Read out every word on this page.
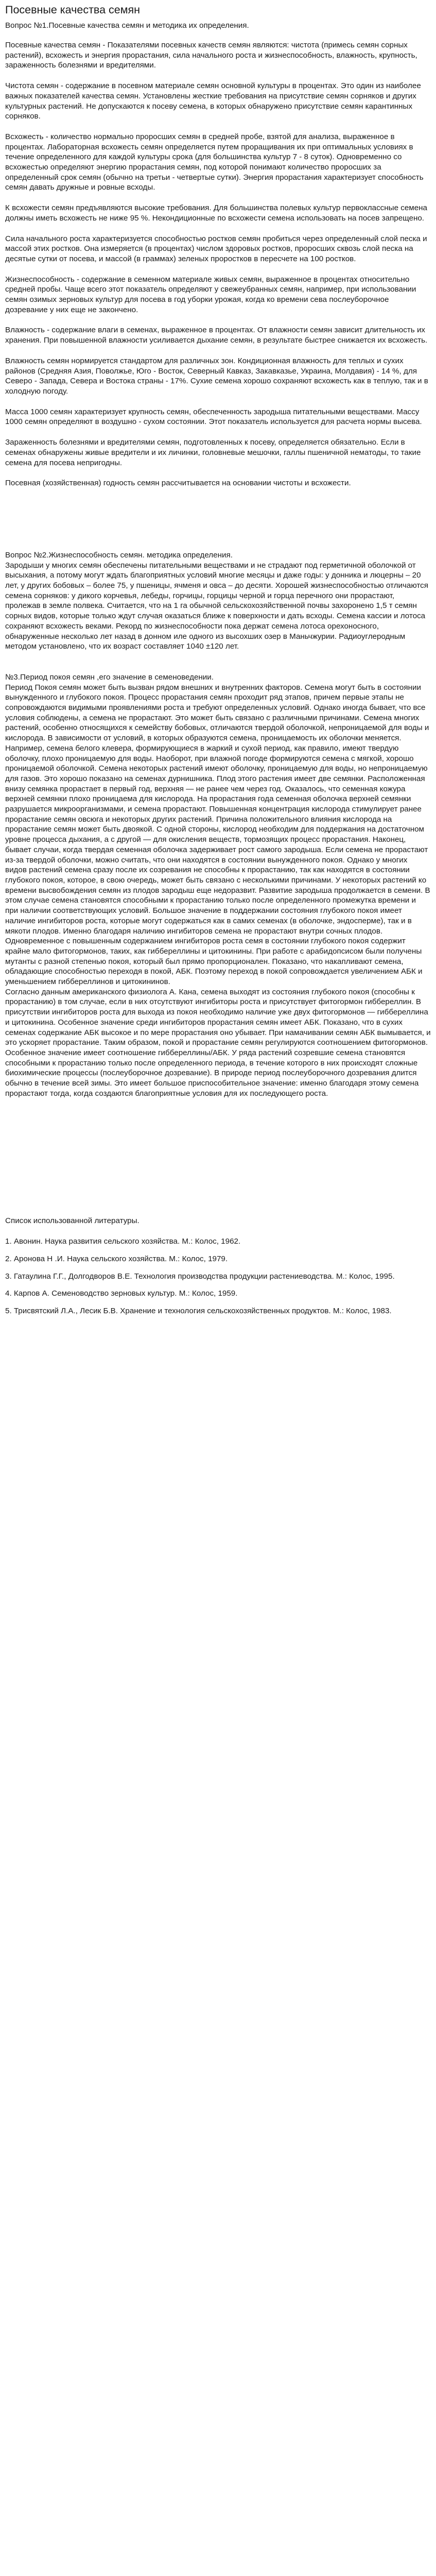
Посевные качества семян

Вопрос №1.Посевные качества семян и методика их определения.

Посевные качества семян - Показателями посевных качеств семян являются: чистота (примесь семян сорных растений), всхожесть и энергия прорастания, сила начального роста и жизнеспособность, влажность, крупность, зараженность болезнями и вредителями.

Чистота семян - содержание в посевном материале семян основной культуры в процентах. Это один из наиболее важных показателей качества семян. Установлены жесткие требования на присутствие семян сорняков и других культурных растений. Не допускаются к посеву семена, в которых обнаружено присутствие семян карантинных сорняков.

Всхожесть - количество нормально проросших семян в средней пробе, взятой для анализа, выраженное в процентах. Лабораторная всхожесть семян определяется путем проращивания их при оптимальных условиях в течение определенного для каждой культуры срока (для большинства культур 7 - 8 суток). Одновременно со всхожестью определяют энергию прорастания семян, под которой понимают количество проросших за определенный срок семян (обычно на третьи - четвертые сутки). Энергия прорастания характеризует способность семян давать дружные и ровные всходы.

К всхожести семян предъявляются высокие требования. Для большинства полевых культур первоклассные семена должны иметь всхожесть не ниже 95 %. Некондиционные по всхожести семена использовать на посев запрещено.

Сила начального роста характеризуется способностью ростков семян пробиться через определенный слой песка и массой этих ростков. Она измеряется (в процентах) числом здоровых ростков, проросших сквозь слой песка на десятые сутки от посева, и массой (в граммах) зеленых проростков в пересчете на 100 ростков.

Жизнеспособность - содержание в семенном материале живых семян, выраженное в процентах относительно средней пробы. Чаще всего этот показатель определяют у свежеубранных семян, например, при использовании семян озимых зерновых культур для посева в год уборки урожая, когда ко времени сева послеуборочное дозревание у них еще не закончено.

Влажность - содержание влаги в семенах, выраженное в процентах. От влажности семян зависит длительность их хранения. При повышенной влажности усиливается дыхание семян, в результате быстрее снижается их всхожесть.

Влажность семян нормируется стандартом для различных зон. Кондиционная влажность для теплых и сухих районов (Средняя Азия, Поволжье, Юго - Восток, Северный Кавказ, Закавказье, Украина, Молдавия) - 14 %, для Северо - Запада, Севера и Востока страны - 17%. Сухие семена хорошо сохраняют всхожесть как в теплую, так и в холодную погоду.

Масса 1000 семян характеризует крупность семян, обеспеченность зародыша питательными веществами. Массу 1000 семян определяют в воздушно - сухом состоянии. Этот показатель используется для расчета нормы высева.

Зараженность болезнями и вредителями семян, подготовленных к посеву, определяется обязательно. Если в семенах обнаружены живые вредители и их личинки, головневые мешочки, галлы пшеничной нематоды, то такие семена для посева непригодны.

Посевная (хозяйственная) годность семян рассчитывается на основании чистоты и всхожести.

Вопрос №2.Жизнеспособность семян. методика определения.

Зародыши у многих семян обеспечены питательными веществами и не страдают под герметичной оболочкой от высыхания, а потому могут ждать благоприятных условий многие месяцы и даже годы: у донника и люцерны – 20 лет, у других бобовых – более 75, у пшеницы, ячменя и овса – до десяти. Хорошей жизнеспособностью отличаются семена сорняков: у дикого корчевья, лебеды, горчицы, горцицы черной и горца перечного они прорастают, пролежав в земле полвека. Считается, что на 1 га обычной сельскохозяйственной почвы захоронено 1,5 т семян сорных видов, которые только ждут случая оказаться ближе к поверхности и дать всходы. Семена кассии и лотоса сохраняют всхожесть веками. Рекорд по жизнеспособности пока держат семена лотоса орехоносного, обнаруженные несколько лет назад в донном иле одного из высохших озер в Маньчжурии. Радиоуглеродным методом установлено, что их возраст составляет 1040 ±120 лет.

№3.Период покоя семян ,его значение в семеноведении.

Период Покоя семян может быть вызван рядом внешних и внутренних факторов. Семена могут быть в состоянии вынужденного и глубокого покоя. Процесс прорастания семян проходит ряд этапов, причем первые этапы не сопровождаются видимыми проявлениями роста и требуют определенных условий. Однако иногда бывает, что все условия соблюдены, а семена не прорастают. Это может быть связано с различными причинами. Семена многих растений, особенно относящихся к семейству бобовых, отличаются твердой оболочкой, непроницаемой для воды и кислорода. В зависимости от условий, в которых образуются семена, проницаемость их оболочки меняется. Например, семена белого клевера, формирующиеся в жаркий и сухой период, как правило, имеют твердую оболочку, плохо проницаемую для воды. Наоборот, при влажной погоде формируются семена с мягкой, хорошо проницаемой оболочкой. Семена некоторых растений имеют оболочку, проницаемую для воды, но непроницаемую для газов. Это хорошо показано на семенах дурнишника. Плод этого растения имеет две семянки. Расположенная внизу семянка прорастает в первый год, верхняя — не ранее чем через год. Оказалось, что семенная кожура верхней семянки плохо проницаема для кислорода. На прорастания года семенная оболочка верхней семянки разрушается микроорганизмами, и семена прорастают. Повышенная концентрация кислорода стимулирует ранее прорастание семян овсюга и некоторых других растений. Причина положительного влияния кислорода на прорастание семян может быть двоякой. С одной стороны, кислород необходим для поддержания на достаточном уровне процесса дыхания, а с другой — для окисления веществ, тормозящих процесс прорастания. Наконец, бывает случаи, когда твердая семенная оболочка задерживает рост самого зародыша. Если семена не прорастают из-за твердой оболочки, можно считать, что они находятся в состоянии вынужденного покоя. Однако у многих видов растений семена сразу после их созревания не способны к прорастанию, так как находятся в состоянии глубокого покоя, которое, в свою очередь, может быть связано с несколькими причинами. У некоторых растений ко времени высвобождения семян из плодов зародыш еще недоразвит. Развитие зародыша продолжается в семени. В этом случае семена становятся способными к прорастанию только после определенного промежутка времени и при наличии соответствующих условий. Большое значение в поддержании состояния глубокого покоя имеет наличие ингибиторов роста, которые могут содержаться как в самих семенах (в оболочке, эндосперме), так и в мякоти плодов. Именно благодаря наличию ингибиторов семена не прорастают внутри сочных плодов. Одновременное с повышенным содержанием ингибиторов роста семя в состоянии глубокого покоя содержит крайне мало фитогормонов, таких, как гиббереллины и цитокинины. При работе с арабидопсисом были получены мутанты с разной степенью покоя, который был прямо пропорционален. Показано, что накапливают семена, обладающие способностью переходя в покой, АБК. Поэтому переход в покой сопровождается увеличением АБК и уменьшением гиббереллинов и цитокининов.

Согласно данным американского физиолога А. Кана, семена выходят из состояния глубокого покоя (способны к прорастанию) в том случае, если в них отсутствуют ингибиторы роста и присутствует фитогормон гиббереллин. В присутствии ингибиторов роста для выхода из покоя необходимо наличие уже двух фитогормонов — гиббереллина и цитокинина. Особенное значение среди ингибиторов прорастания семян имеет АБК. Показано, что в сухих семенах содержание АБК высокое и по мере прорастания оно убывает. При намачивании семян АБК вымывается, и это ускоряет прорастание. Таким образом, покой и прорастание семян регулируются соотношением фитогормонов. Особенное значение имеет соотношение гиббереллины/АБК. У ряда растений созревшие семена становятся способными к прорастанию только после определенного периода, в течение которого в них происходят сложные биохимические процессы (послеуборочное дозревание). В природе период послеуборочного дозревания длится обычно в течение всей зимы. Это имеет большое приспособительное значение: именно благодаря этому семена прорастают тогда, когда создаются благоприятные условия для их последующего роста.

Список использованной литературы.

1. Авонин. Наука развития сельского хозяйства. М.: Колос, 1962.
2. Аронова Н .И. Наука сельского хозяйства. М.: Колос, 1979.
3. Гатаулина Г.Г., Долгодворов В.Е. Технология производства продукции растениеводства. М.: Колос, 1995.
4. Карпов А. Семеноводство зерновых культур. М.: Колос, 1959.
5. Трисвятский Л.А., Лесик Б.В. Хранение и технология сельскохозяйственных продуктов. М.: Колос, 1983.
